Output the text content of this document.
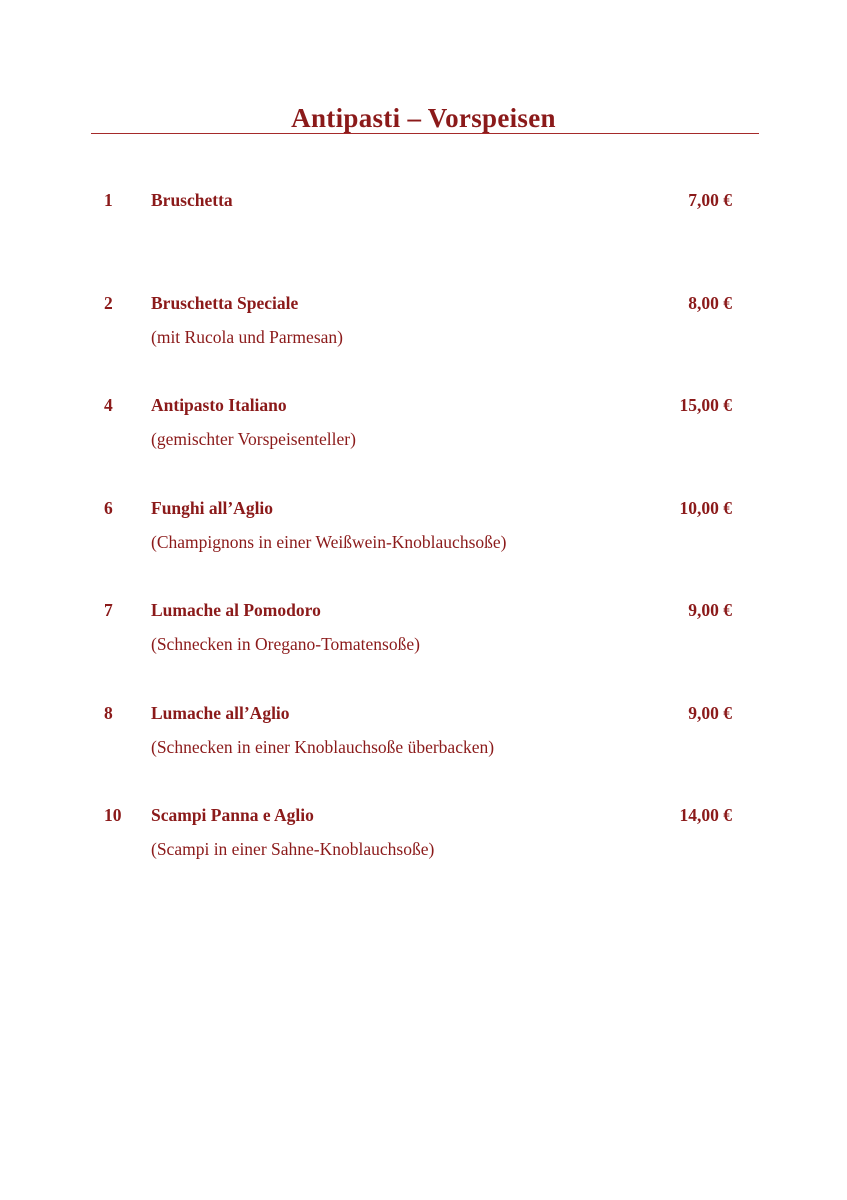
Antipasti – Vorspeisen
1 Bruschetta	7,00 €
2 Bruschetta Speciale	8,00 €
(mit Rucola und Parmesan)
4 Antipasto Italiano	15,00 €
(gemischter Vorspeisenteller)
6 Funghi all’Aglio	10,00 €
(Champignons in einer Weißwein-Knoblauchsoße)
7 Lumache al Pomodoro	9,00 €
(Schnecken in Oregano-Tomatensoße)
8 Lumache all’Aglio	9,00 €
(Schnecken in einer Knoblauchsoße überbacken)
10 Scampi Panna e Aglio	14,00 €
(Scampi in einer Sahne-Knoblauchsoße)
